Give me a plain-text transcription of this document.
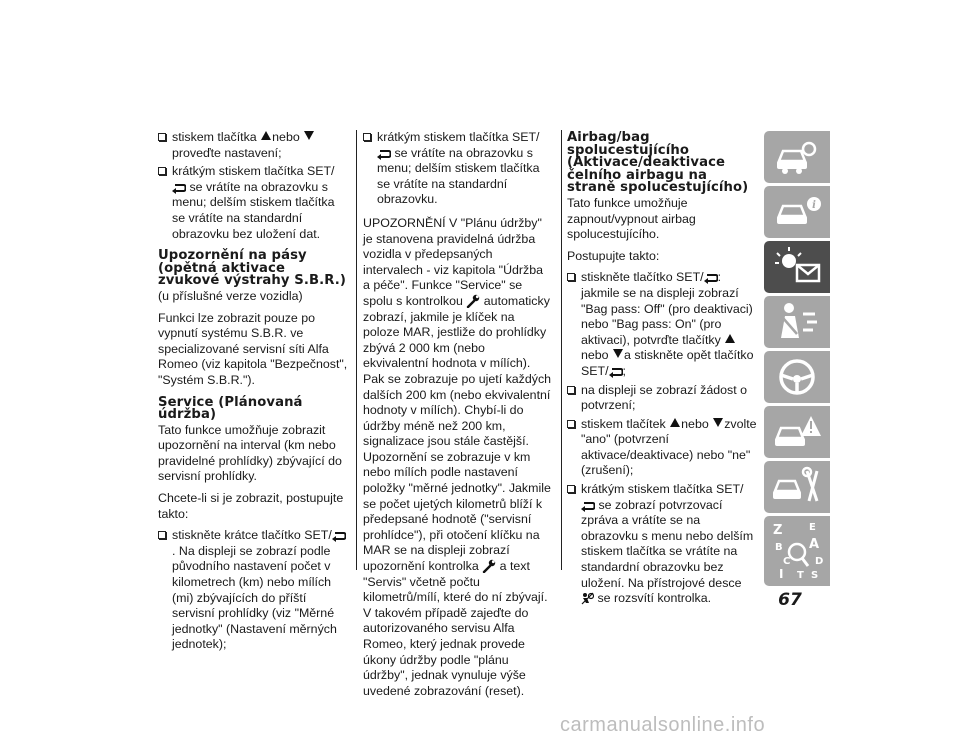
stiskem tlačítka nebo proveďte nastavení;
krátkým stiskem tlačítka SET/ se vrátíte na obrazovku s menu; delším stiskem tlačítka se vrátíte na standardní obrazovku bez uložení dat.
Upozornění na pásy
(opětná aktivace
zvukové výstrahy S.B.R.)

(u příslušné verze vozidla)

Funkci lze zobrazit pouze po vypnutí systému S.B.R. ve specializované servisní síti Alfa Romeo (viz kapitola "Bezpečnost", "Systém S.B.R.").

Service (Plánovaná
údržba)

Tato funkce umožňuje zobrazit upozornění na interval (km nebo pravidelné prohlídky) zbývající do servisní prohlídky.

Chcete-li si je zobrazit, postupujte takto:

stiskněte krátce tlačítko SET/. Na displeji se zobrazí podle původního nastavení počet v kilometrech (km) nebo mílích (mi) zbývajících do příští servisní prohlídky (viz "Měrné jednotky" (Nastavení měrných jednotek);
krátkým stiskem tlačítka SET/ se vrátíte na obrazovku s menu; delším stiskem tlačítka se vrátíte na standardní obrazovku.

UPOZORNĚNÍ V "Plánu údržby" je stanovena pravidelná údržba vozidla v předepsaných intervalech - viz kapitola "Údržba a péče". Funkce "Service" se spolu s kontrolkou automaticky zobrazí, jakmile je klíček na poloze MAR, jestliže do prohlídky zbývá 2 000 km (nebo ekvivalentní hodnota v mílích). Pak se zobrazuje po ujetí každých dalších 200 km (nebo ekvivalentní hodnoty v mílích). Chybí-li do údržby méně než 200 km, signalizace jsou stále častější. Upozornění se zobrazuje v km nebo mílích podle nastavení položky "měrné jednotky". Jakmile se počet ujetých kilometrů blíží k předepsané hodnotě ("servisní prohlídce"), při otočení klíčku na MAR se na displeji zobrazí upozornění kontrolka a text "Servis" včetně počtu kilometrů/mílí, které do ní zbývají. V takovém případě zajeďte do autorizovaného servisu Alfa Romeo, který jednak provede úkony údržby podle "plánu údržby", jednak vynuluje výše uvedené zobrazování (reset).

Airbag/bag
spolucestujícího
(Aktivace/deaktivace
čelního airbagu na
straně spolucestujícího)

Tato funkce umožňuje zapnout/vypnout airbag spolucestujícího.

Postupujte takto:

stiskněte tlačítko SET/ : jakmile se na displeji zobrazí "Bag pass: Off" (pro deaktivaci) nebo "Bag pass: On" (pro aktivaci), potvrďte tlačítky nebo a stiskněte opět tlačítko SET/ ;
na displeji se zobrazí žádost o potvrzení;
stiskem tlačítek nebo zvolte "ano" (potvrzení aktivace/deaktivace) nebo "ne" (zrušení);
krátkým stiskem tlačítka SET/ se zobrazí potvrzovací zpráva a vrátíte se na obrazovku s menu nebo delším stiskem tlačítka se vrátíte na standardní obrazovku bez uložení. Na přístrojové desce  se rozsvítí kontrolka.
i
Z	E
B A
C D
I T S
67
carmanualsonline.info
